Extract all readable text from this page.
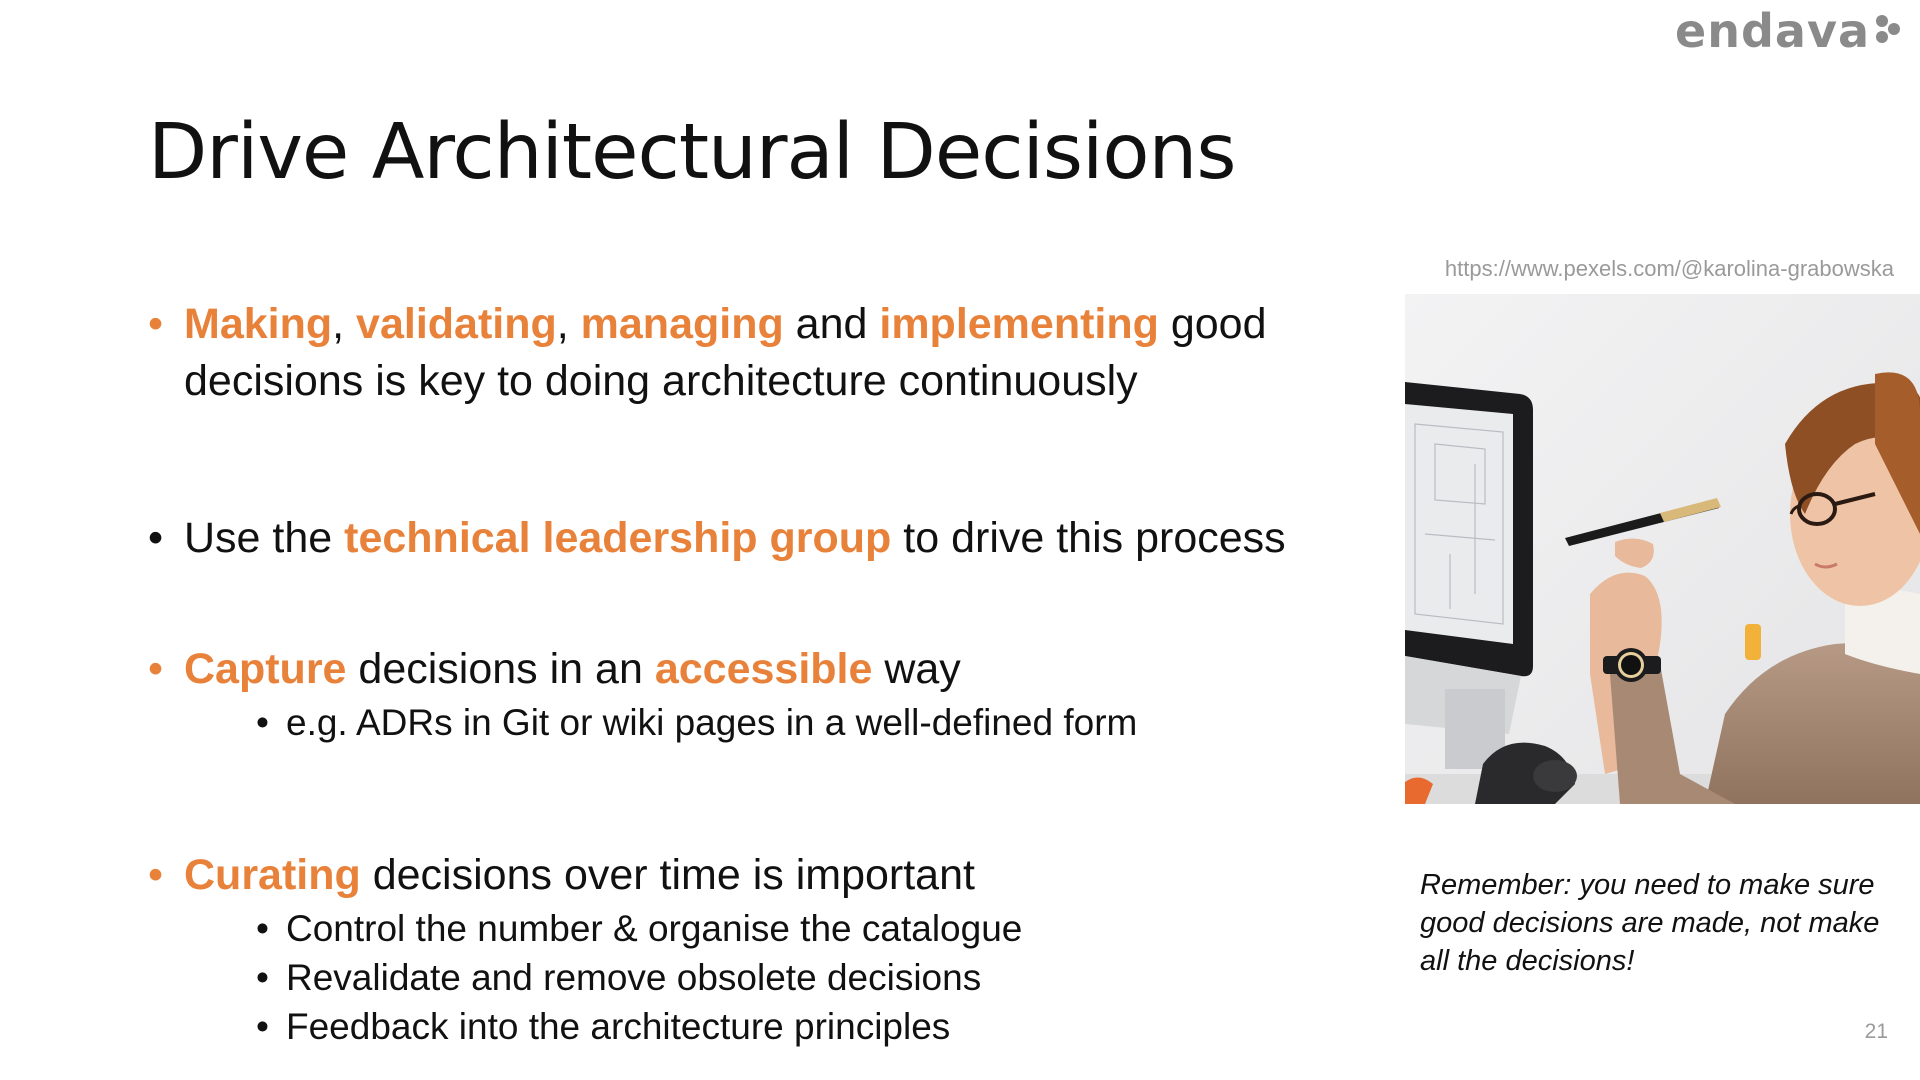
endava
Drive Architectural Decisions

• Making, validating, managing and implementing good decisions is key to doing architecture continuously

• Use the technical leadership group to drive this process

• Capture decisions in an accessible way

• e.g. ADRs in Git or wiki pages in a well-defined form

• Curating decisions over time is important

• Control the number & organise the catalogue
• Revalidate and remove obsolete decisions
• Feedback into the architecture principles
https://www.pexels.com/@karolina-grabowska
Remember: you need to make sure good decisions are made, not make all the decisions!
21
